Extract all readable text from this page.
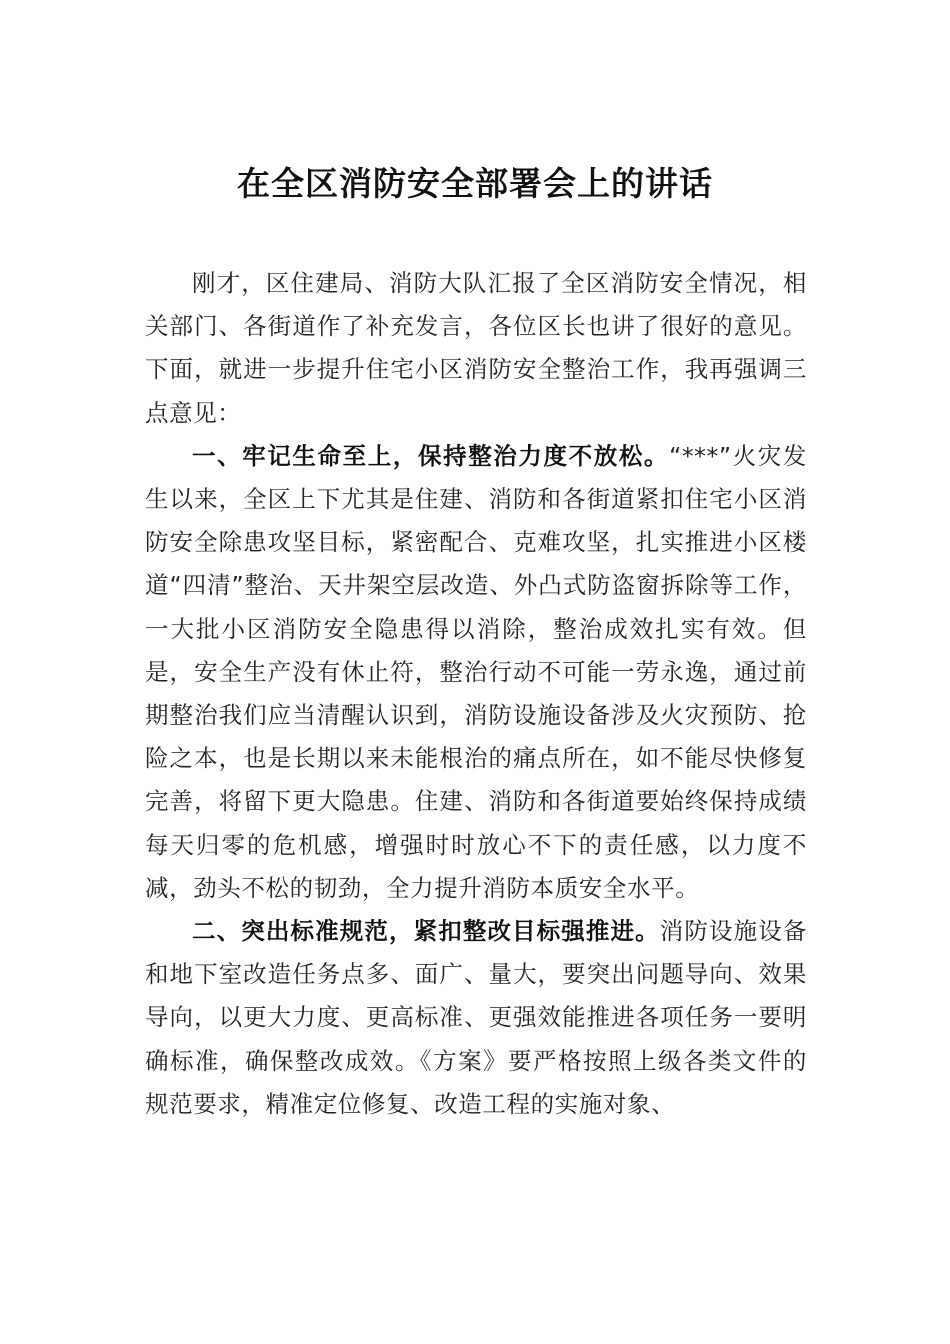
在全区消防安全部署会上的讲话

刚才，区住建局、消防大队汇报了全区消防安全情况，相关部门、各街道作了补充发言，各位区长也讲了很好的意见。下面，就进一步提升住宅小区消防安全整治工作，我再强调三点意见：

一、牢记生命至上，保持整治力度不放松。“***”火灾发生以来，全区上下尤其是住建、消防和各街道紧扣住宅小区消防安全除患攻坚目标，紧密配合、克难攻坚，扎实推进小区楼道“四清”整治、天井架空层改造、外凸式防盗窗拆除等工作，一大批小区消防安全隐患得以消除，整治成效扎实有效。但是，安全生产没有休止符，整治行动不可能一劳永逸，通过前期整治我们应当清醒认识到，消防设施设备涉及火灾预防、抢险之本，也是长期以来未能根治的痛点所在，如不能尽快修复完善，将留下更大隐患。住建、消防和各街道要始终保持成绩每天归零的危机感，增强时时放心不下的责任感，以力度不减，劲头不松的韧劲，全力提升消防本质安全水平。

二、突出标准规范，紧扣整改目标强推进。消防设施设备和地下室改造任务点多、面广、量大，要突出问题导向、效果导向，以更大力度、更高标准、更强效能推进各项任务一要明确标准，确保整改成效。《方案》要严格按照上级各类文件的规范要求，精准定位修复、改造工程的实施对象、
